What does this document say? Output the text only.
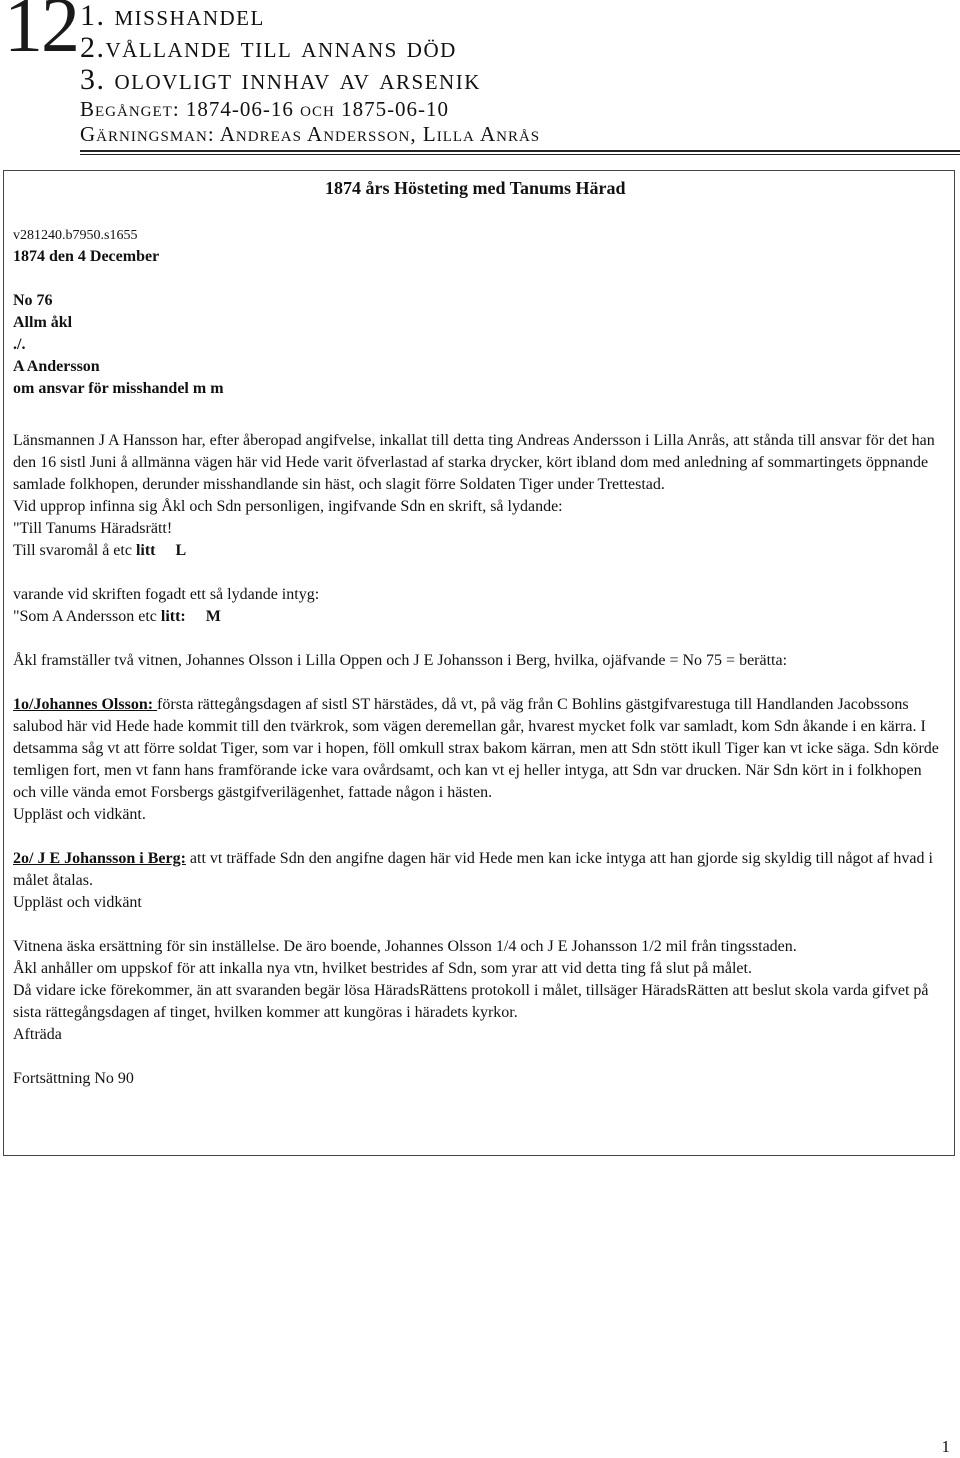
12 1. misshandel
2.vållande till annans död
3. olovligt innhav av arsenik
Begånget: 1874-06-16 och 1875-06-10
Gärningsman: Andreas Andersson, Lilla Anrås
1874 års Hösteting med Tanums Härad

v281240.b7950.s1655

1874 den 4 December

No 76

Allm åkl

./.

A Andersson

om ansvar för misshandel m m

Länsmannen J A Hansson har, efter åberopad angifvelse, inkallat till detta ting Andreas Andersson i Lilla Anrås, att stånda till ansvar för det han den 16 sistl Juni å allmänna vägen här vid Hede varit öfverlastad af starka drycker, kört ibland dom med anledning af sommartingets öppnande samlade folkhopen, derunder misshandlande sin häst, och slagit förre Soldaten Tiger under Trettestad.

Vid upprop infinna sig Åkl och Sdn personligen, ingifvande Sdn en skrift, så lydande:

"Till Tanums Häradsrätt!

Till svaromål å etc litt L

varande vid skriften fogadt ett så lydande intyg:

"Som A Andersson etc litt: M

Åkl framställer två vitnen, Johannes Olsson i Lilla Oppen och J E Johansson i Berg, hvilka, ojäfvande = No 75 = berätta:

1o/Johannes Olsson: första rättegångsdagen af sistl ST härstädes, då vt, på väg från C Bohlins gästgifvarestuga till Handlanden Jacobssons salubod här vid Hede hade kommit till den tvärkrok, som vägen deremellan går, hvarest mycket folk var samladt, kom Sdn åkande i en kärra. I detsamma såg vt att förre soldat Tiger, som var i hopen, föll omkull strax bakom kärran, men att Sdn stött ikull Tiger kan vt icke säga. Sdn körde temligen fort, men vt fann hans framförande icke vara ovårdsamt, och kan vt ej heller intyga, att Sdn var drucken. När Sdn kört in i folkhopen och ville vända emot Forsbergs gästgifverilägenhet, fattade någon i hästen.

Uppläst och vidkänt.

2o/ J E Johansson i Berg: att vt träffade Sdn den angifne dagen här vid Hede men kan icke intyga att han gjorde sig skyldig till något af hvad i målet åtalas.

Uppläst och vidkänt

Vitnena äska ersättning för sin inställelse. De äro boende, Johannes Olsson 1/4 och J E Johansson 1/2 mil från tingsstaden.

Åkl anhåller om uppskof för att inkalla nya vtn, hvilket bestrides af Sdn, som yrar att vid detta ting få slut på målet.

Då vidare icke förekommer, än att svaranden begär lösa HäradsRättens protokoll i målet, tillsäger HäradsRätten att beslut skola varda gifvet på sista rättegångsdagen af tinget, hvilken kommer att kungöras i häradets kyrkor.

Afträda

Fortsättning No 90

1
